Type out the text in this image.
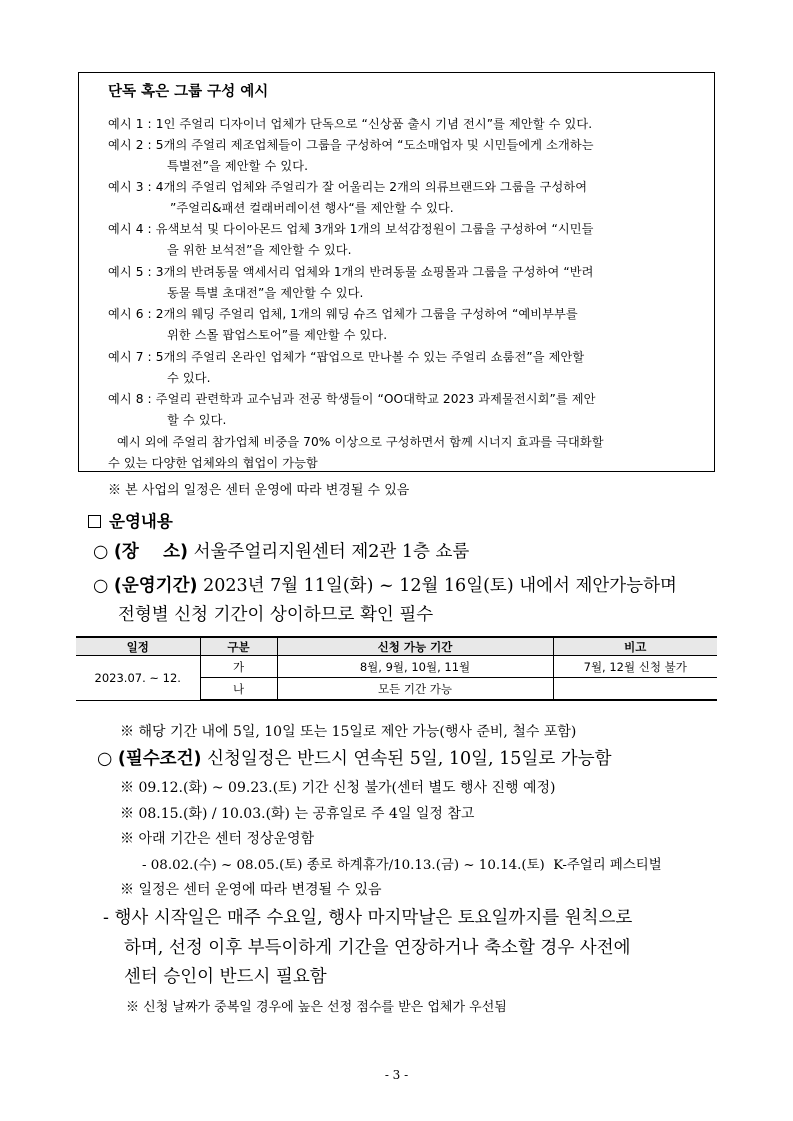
단독 혹은 그룹 구성 예시
예시 1 : 1인 주얼리 디자이너 업체가 단독으로 “신상품 출시 기념 전시”를 제안할 수 있다.
예시 2 : 5개의 주얼리 제조업체들이 그룹을 구성하여 “도소매업자 및 시민들에게 소개하는
특별전”을 제안할 수 있다.
예시 3 : 4개의 주얼리 업체와 주얼리가 잘 어울리는 2개의 의류브랜드와 그룹을 구성하여
”주얼리&패션 컬래버레이션 행사“를 제안할 수 있다.
예시 4 : 유색보석 및 다이아몬드 업체 3개와 1개의 보석감정원이 그룹을 구성하여 “시민들
을 위한 보석전”을 제안할 수 있다.
예시 5 : 3개의 반려동물 액세서리 업체와 1개의 반려동물 쇼핑몰과 그룹을 구성하여 “반려
동물 특별 초대전”을 제안할 수 있다.
예시 6 : 2개의 웨딩 주얼리 업체, 1개의 웨딩 슈즈 업체가 그룹을 구성하여 “예비부부를
위한 스몰 팝업스토어”를 제안할 수 있다.
예시 7 : 5개의 주얼리 온라인 업체가 “팝업으로 만나볼 수 있는 주얼리 쇼룸전”을 제안할
수 있다.
예시 8 : 주얼리 관련학과 교수님과 전공 학생들이 “OO대학교 2023 과제물전시회”를 제안
할 수 있다.
예시 외에 주얼리 참가업체 비중을 70% 이상으로 구성하면서 함께 시너지 효과를 극대화할
수 있는 다양한 업체와의 협업이 가능함
※ 본 사업의 일정은 센터 운영에 따라 변경될 수 있음
운영내용
○ (장    소) 서울주얼리지원센터 제2관 1층 쇼룸
○ (운영기간) 2023년 7월 11일(화) ~ 12월 16일(토) 내에서 제안가능하며
전형별 신청 기간이 상이하므로 확인 필수
일정	구분	신청 가능 기간	비고
2023.07. ~ 12.	가	8월, 9월, 10월, 11월	7월, 12월 신청 불가
	나	모든 기간 가능	
※ 해당 기간 내에 5일, 10일 또는 15일로 제안 가능(행사 준비, 철수 포함)
○ (필수조건) 신청일정은 반드시 연속된 5일, 10일, 15일로 가능함
※ 09.12.(화) ~ 09.23.(토) 기간 신청 불가(센터 별도 행사 진행 예정)
※ 08.15.(화) / 10.03.(화) 는 공휴일로 주 4일 일정 참고
※ 아래 기간은 센터 정상운영함
- 08.02.(수) ~ 08.05.(토) 종로 하계휴가/10.13.(금) ~ 10.14.(토)  K-주얼리 페스티벌
※ 일정은 센터 운영에 따라 변경될 수 있음
- 행사 시작일은 매주 수요일, 행사 마지막날은 토요일까지를 원칙으로
하며, 선정 이후 부득이하게 기간을 연장하거나 축소할 경우 사전에
센터 승인이 반드시 필요함
※ 신청 날짜가 중복일 경우에 높은 선정 점수를 받은 업체가 우선됨
- 3 -
